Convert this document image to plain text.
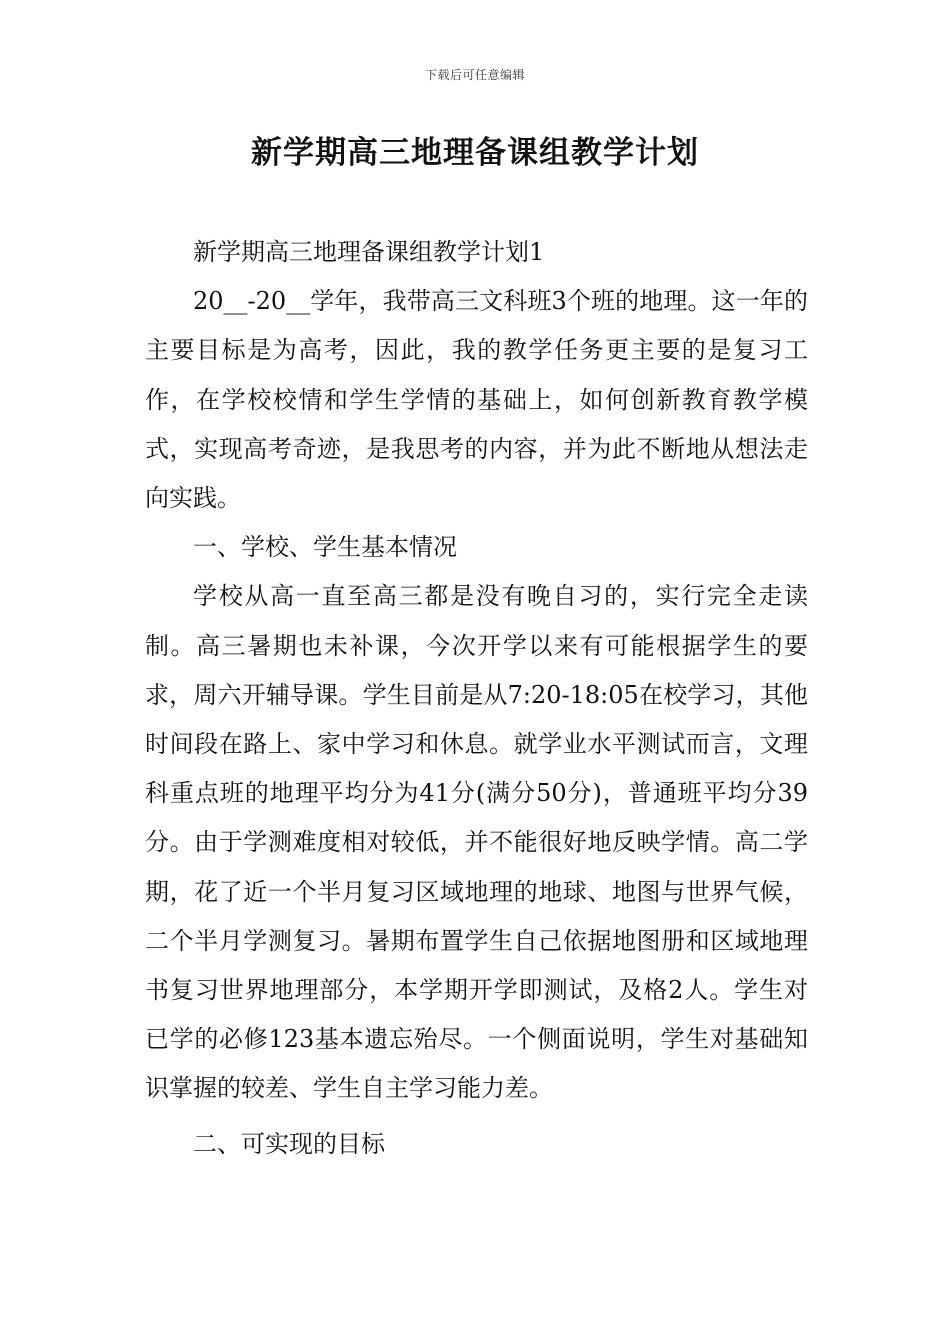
下载后可任意编辑
新学期高三地理备课组教学计划

新学期高三地理备课组教学计划1

20__-20__学年，我带高三文科班3个班的地理。这一年的主要目标是为高考，因此，我的教学任务更主要的是复习工作，在学校校情和学生学情的基础上，如何创新教育教学模式，实现高考奇迹，是我思考的内容，并为此不断地从想法走向实践。

一、学校、学生基本情况

学校从高一直至高三都是没有晚自习的，实行完全走读制。高三暑期也未补课，今次开学以来有可能根据学生的要求，周六开辅导课。学生目前是从7:20-18:05在校学习，其他时间段在路上、家中学习和休息。就学业水平测试而言，文理科重点班的地理平均分为41分(满分50分)，普通班平均分39分。由于学测难度相对较低，并不能很好地反映学情。高二学期，花了近一个半月复习区域地理的地球、地图与世界气候，二个半月学测复习。暑期布置学生自己依据地图册和区域地理书复习世界地理部分，本学期开学即测试，及格2人。学生对已学的必修123基本遗忘殆尽。一个侧面说明，学生对基础知识掌握的较差、学生自主学习能力差。

二、可实现的目标
